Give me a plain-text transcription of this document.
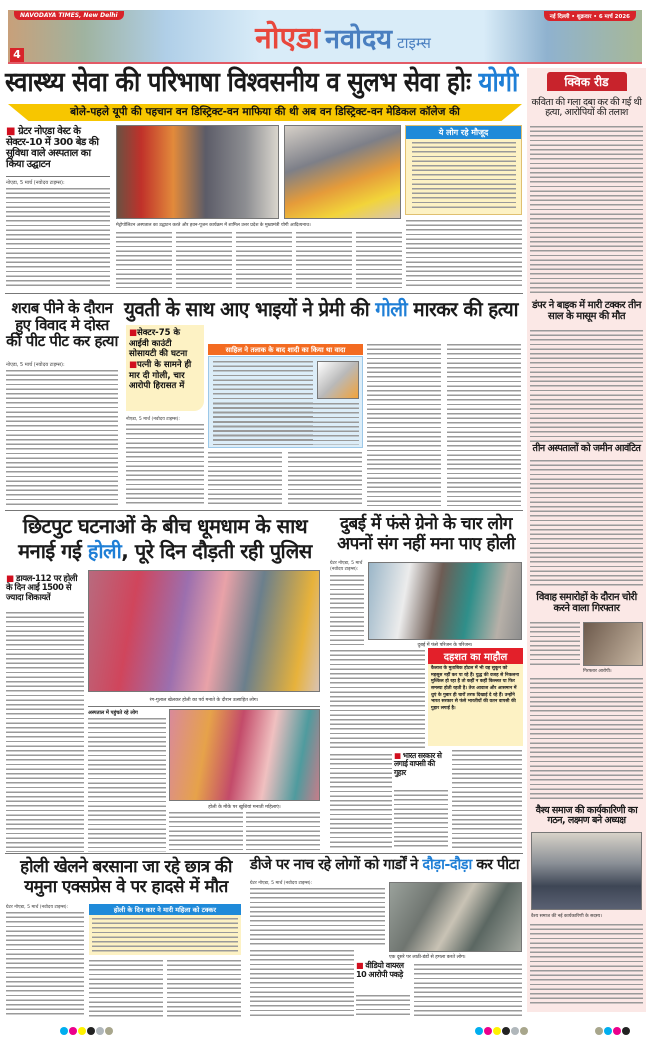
NAVODAYA TIMES, New Delhi
4	नोएडा नवोदय टाइम्स
नई दिल्ली • शुक्रवार • 6 मार्च 2026
स्वास्थ्य सेवा की परिभाषा विश्वसनीय व सुलभ सेवा होः योगी
बोले-पहले यूपी की पहचान वन डिस्ट्रिक्ट-वन माफिया की थी अब वन डिस्ट्रिक्ट-वन मेडिकल कॉलेज की
■ ग्रेटर नोएडा वेस्ट के सेक्टर-10 में 300 बेड की सुविधा वाले अस्पताल का किया उद्घाटन
नोएडा, 5 मार्च (नवोदय टाइम्स):
मेट्रोपोलिटन अस्पताल का उद्घाटन करते और हवन-पूजन कार्यक्रम में शामिल उत्तर प्रदेश के मुख्यमंत्री योगी आदित्यनाथ।
ये लोग रहे मौजूद
शराब पीने के दौरान हुए विवाद मे दोस्त की पीट पीट कर हत्या
नोएडा, 5 मार्च (नवोदय टाइम्स):
युवती के साथ आए भाइयों ने प्रेमी की गोली मारकर की हत्या
■सेक्टर-75 के आईवी काउंटी सोसायटी की घटना
■पत्नी के सामने ही मार दी गोली, चार आरोपी हिरासत में
नोएडा, 5 मार्च (नवोदय टाइम्स):
साहिल ने तलाक के बाद शादी का किया था वादा
छिटपुट घटनाओं के बीच धूमधाम के साथ मनाई गई होली, पूरे दिन दौड़ती रही पुलिस
■ डायल-112 पर होली के दिन आईं 1500 से ज्यादा शिकायतें
रंग-गुलाल खेलकर होली का पर्व मनाते के दौरान उत्साहित लोग।
अस्पताल में पहुंचते रहे लोग
होली के मौके पर खुशियां मनाती महिलाएं।
दुबई में फंसे ग्रेनो के चार लोग अपनों संग नहीं मना पाए होली
ग्रेटर नोएडा, 5 मार्च (नवोदय टाइम्स):
दुबई में फंसे परिजन के परिजन।
दहशत का माहौल
कैलाश के मुताबिक होटल में भी वह सुकून को महसूस नहीं कर पा रहे हैं। युद्ध की वजह से निकलना मुश्किल हो रहा है तो कहीं न कहीं किल्लत या फिर समस्या होती रहती है। तेज आवाज और आसमान में धुएं के गुबार ही चारों तरफ दिखाई दे रहे हैं। उन्होंने भारत सरकार से फंसे भारतीयों की वतन वापसी की गुहार लगाई है।
■ भारत सरकार से लगाई वापसी की गुहार
होली खेलने बरसाना जा रहे छात्र की यमुना एक्सप्रेस वे पर हादसे में मौत
ग्रेटर नोएडा, 5 मार्च (नवोदय टाइम्स):	होली के दिन कार ने मारी महिला को टक्कर
डीजे पर नाच रहे लोगों को गार्डों ने दौड़ा-दौड़ा कर पीटा
ग्रेटर नोएडा, 5 मार्च (नवोदय टाइम्स):
एक दूसरे पर लाठी-डंडों से हमला करते लोग।
■ वीडियो वायरल 10 आरोपी पकड़े
क्विक रीड
कविता की गला दबा कर की गई थी हत्या, आरोपियों की तलाश
डंपर ने बाइक में मारी टक्कर तीन साल के मासूम की मौत
तीन अस्पतालों को जमीन आवंटित
विवाह समारोहों के दौरान चोरी करने वाला गिरफ्तार
गिरफ्तार आरोपी।
वैश्य समाज की कार्यकारिणी का गठन, लक्ष्मण बने अध्यक्ष
वैश्य समाज की नई कार्यकारिणी के सदस्य।
